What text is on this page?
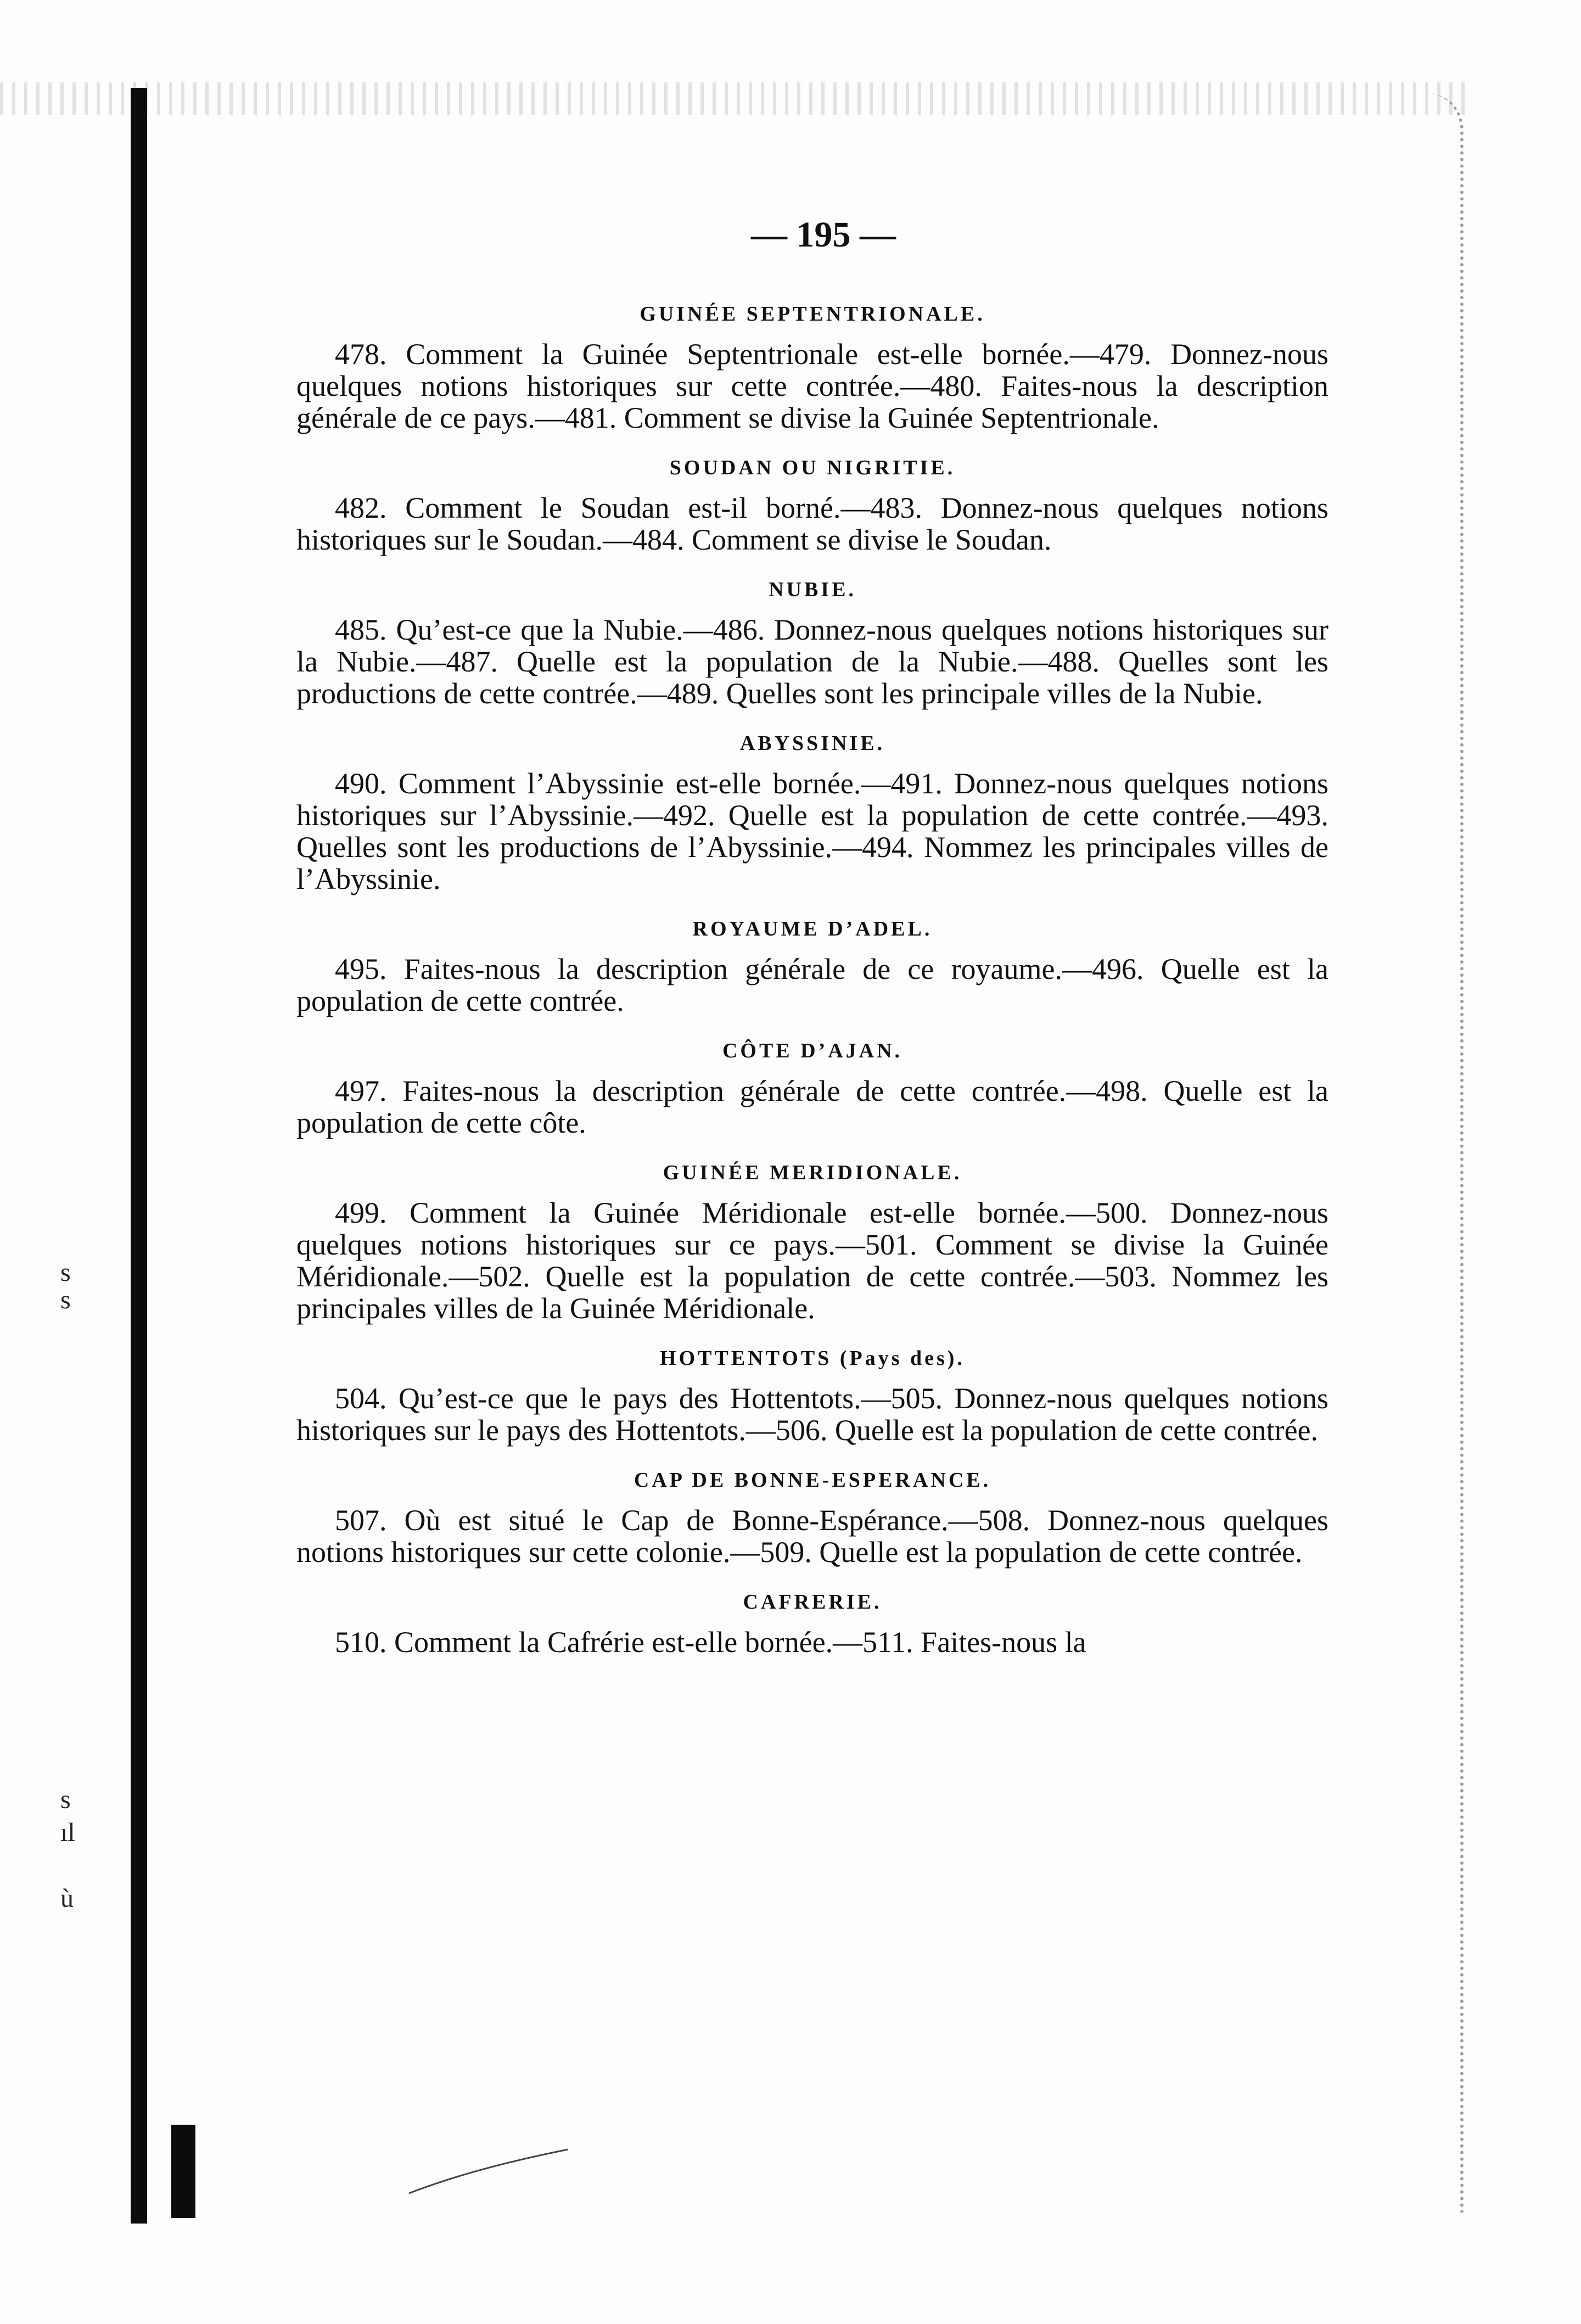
s
s
s
ıl
ù
— 195 —
GUINÉE SEPTENTRIONALE.

478. Comment la Guinée Septentrionale est-elle bornée.—479. Donnez-nous quelques notions historiques sur cette contrée.—480. Faites-nous la description générale de ce pays.—481. Comment se divise la Guinée Septentrionale.

SOUDAN OU NIGRITIE.

482. Comment le Soudan est-il borné.—483. Donnez-nous quelques notions historiques sur le Soudan.—484. Comment se divise le Soudan.

NUBIE.

485. Qu’est-ce que la Nubie.—486. Donnez-nous quelques notions historiques sur la Nubie.—487. Quelle est la population de la Nubie.—488. Quelles sont les productions de cette contrée.—489. Quelles sont les principale villes de la Nubie.

ABYSSINIE.

490. Comment l’Abyssinie est-elle bornée.—491. Donnez-nous quelques notions historiques sur l’Abyssinie.—492. Quelle est la population de cette contrée.—493. Quelles sont les productions de l’Abyssinie.—494. Nommez les principales villes de l’Abyssinie.

ROYAUME D’ADEL.

495. Faites-nous la description générale de ce royaume.—496. Quelle est la population de cette contrée.

CÔTE D’AJAN.

497. Faites-nous la description générale de cette contrée.—498. Quelle est la population de cette côte.

GUINÉE MERIDIONALE.

499. Comment la Guinée Méridionale est-elle bornée.—500. Donnez-nous quelques notions historiques sur ce pays.—501. Comment se divise la Guinée Méridionale.—502. Quelle est la population de cette contrée.—503. Nommez les principales villes de la Guinée Méridionale.

HOTTENTOTS (Pays des).

504. Qu’est-ce que le pays des Hottentots.—505. Donnez-nous quelques notions historiques sur le pays des Hottentots.—506. Quelle est la population de cette contrée.

CAP DE BONNE-ESPERANCE.

507. Où est situé le Cap de Bonne-Espérance.—508. Donnez-nous quelques notions historiques sur cette colonie.—509. Quelle est la population de cette contrée.

CAFRERIE.

510. Comment la Cafrérie est-elle bornée.—511. Faites-nous la
